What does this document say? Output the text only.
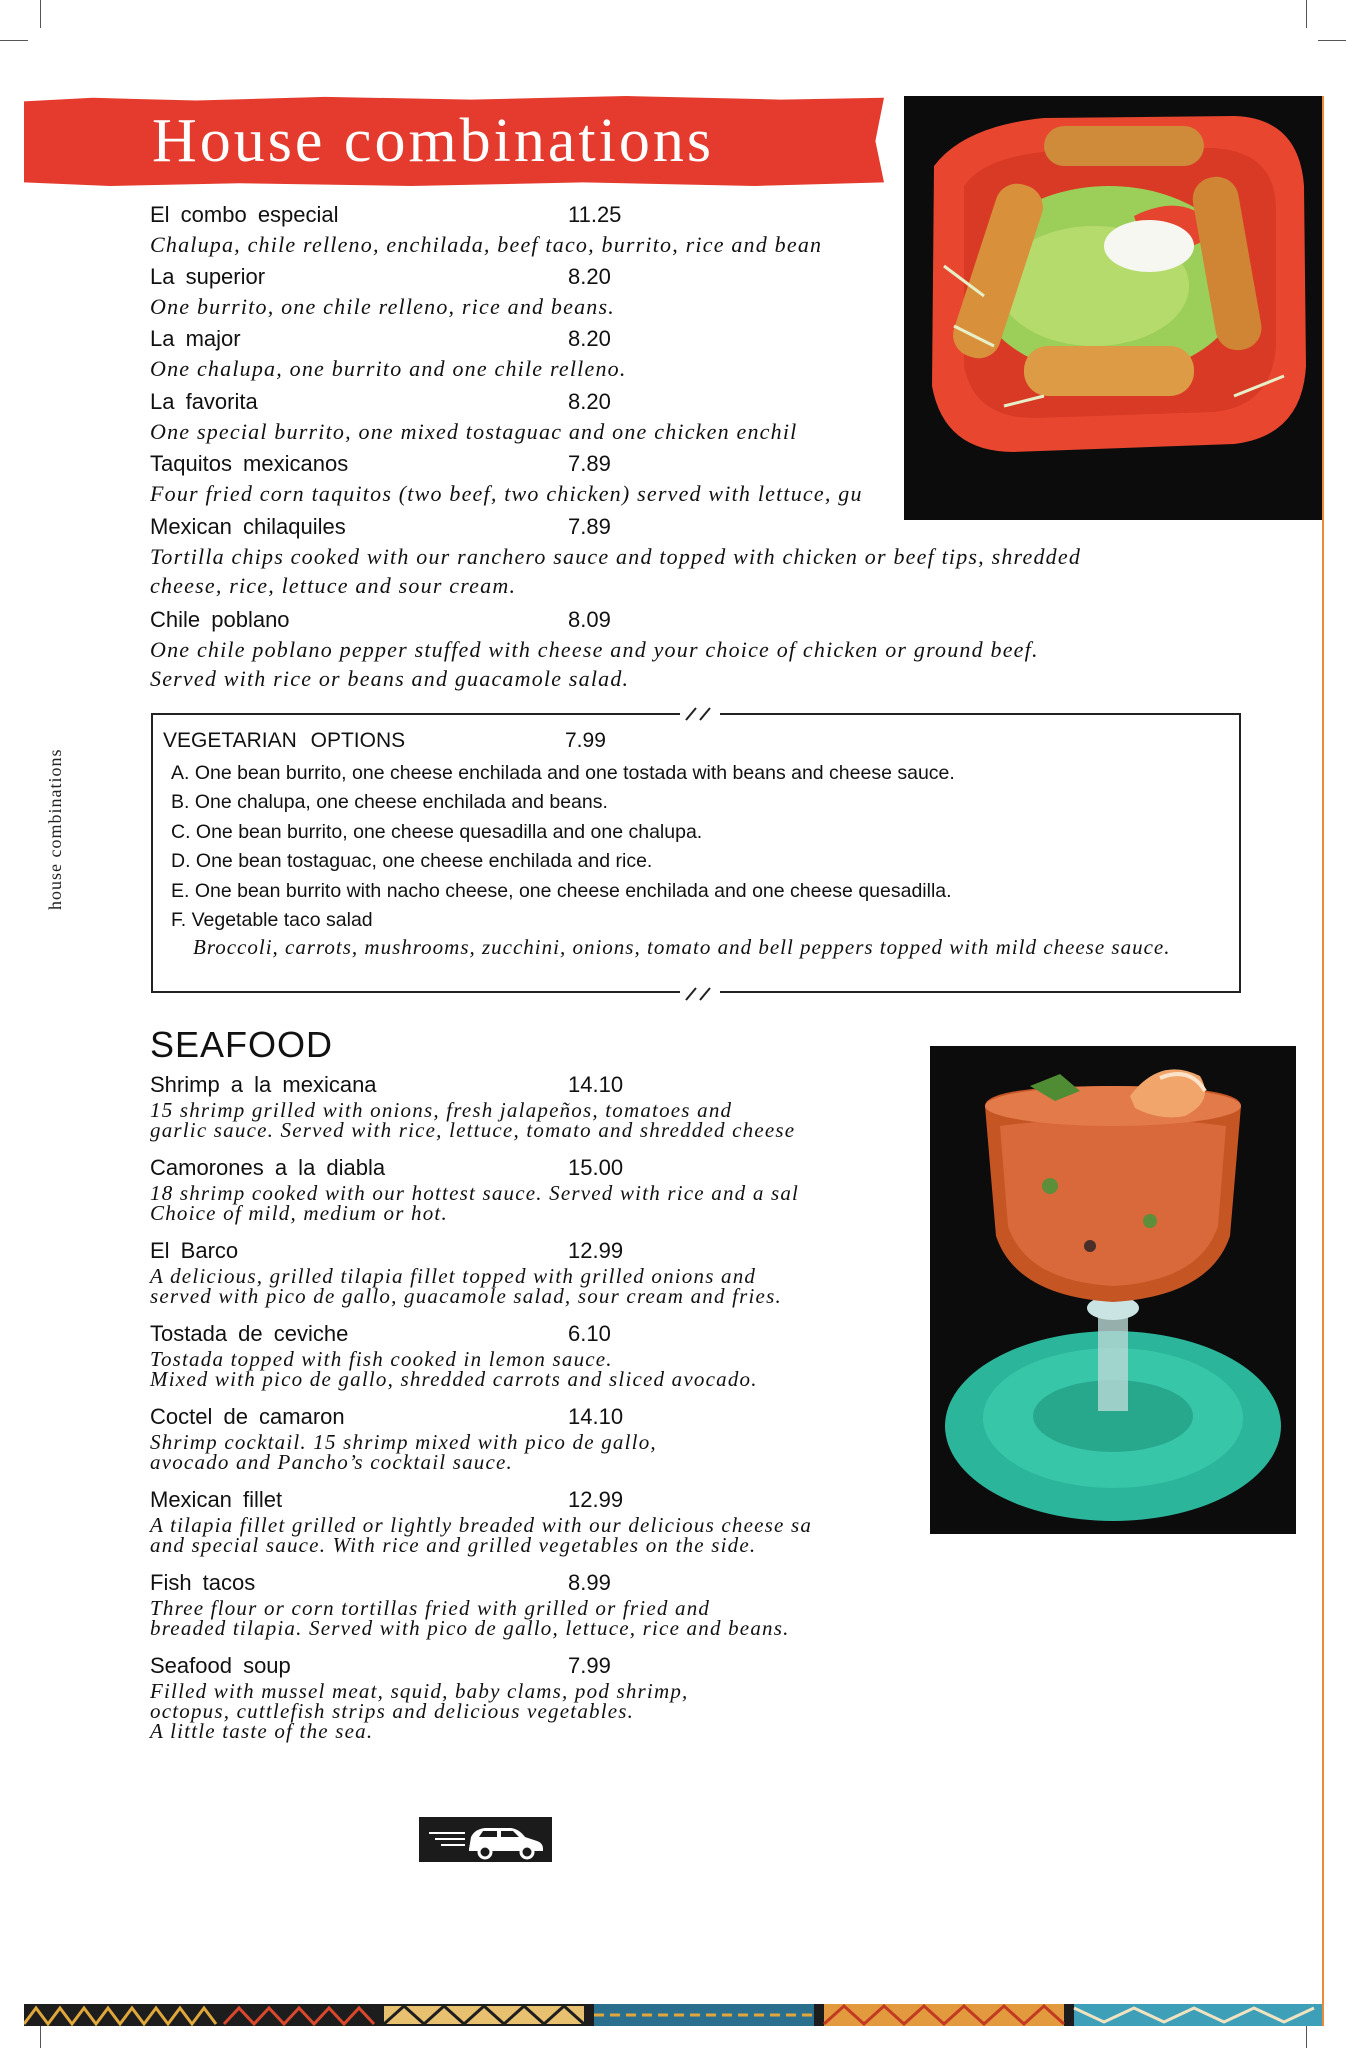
House combinations
house combinations
El combo especial	11.25
Chalupa, chile relleno, enchilada, beef taco, burrito, rice and bean
La superior	8.20
One burrito, one chile relleno, rice and beans.
La major	8.20
One chalupa, one burrito and one chile relleno.
La favorita	8.20
One special burrito, one mixed tostaguac and one chicken enchil
Taquitos mexicanos	7.89
Four fried corn taquitos (two beef, two chicken) served with lettuce, gu
Mexican chilaquiles	7.89
Tortilla chips cooked with our ranchero sauce and topped with chicken or beef tips, shredded
cheese, rice, lettuce and sour cream.
Chile poblano	8.09
One chile poblano pepper stuffed with cheese and your choice of chicken or ground beef.
Served with rice or beans and guacamole salad.
VEGETARIAN OPTIONS	7.99
A. One bean burrito, one cheese enchilada and one tostada with beans and cheese sauce.
B. One chalupa, one cheese enchilada and beans.
C. One bean burrito, one cheese quesadilla and one chalupa.
D. One bean tostaguac, one cheese enchilada and rice.
E. One bean burrito with nacho cheese, one cheese enchilada and one cheese quesadilla.
F. Vegetable taco salad
Broccoli, carrots, mushrooms, zucchini, onions, tomato and bell peppers topped with mild cheese sauce.
SEAFOOD
Shrimp a la mexicana	14.10
15 shrimp grilled with onions, fresh jalapeños, tomatoes and
garlic sauce. Served with rice, lettuce, tomato and shredded cheese
Camorones a la diabla	15.00
18 shrimp cooked with our hottest sauce. Served with rice and a sal
Choice of mild, medium or hot.
El Barco	12.99
A delicious, grilled tilapia fillet topped with grilled onions and
served with pico de gallo, guacamole salad, sour cream and fries.
Tostada de ceviche	6.10
Tostada topped with fish cooked in lemon sauce.
Mixed with pico de gallo, shredded carrots and sliced avocado.
Coctel de camaron	14.10
Shrimp cocktail. 15 shrimp mixed with pico de gallo,
avocado and Pancho’s cocktail sauce.
Mexican fillet	12.99
A tilapia fillet grilled or lightly breaded with our delicious cheese sa
and special sauce. With rice and grilled vegetables on the side.
Fish tacos	8.99
Three flour or corn tortillas fried with grilled or fried and
breaded tilapia. Served with pico de gallo, lettuce, rice and beans.
Seafood soup	7.99
Filled with mussel meat, squid, baby clams, pod shrimp,
octopus, cuttlefish strips and delicious vegetables.
A little taste of the sea.
